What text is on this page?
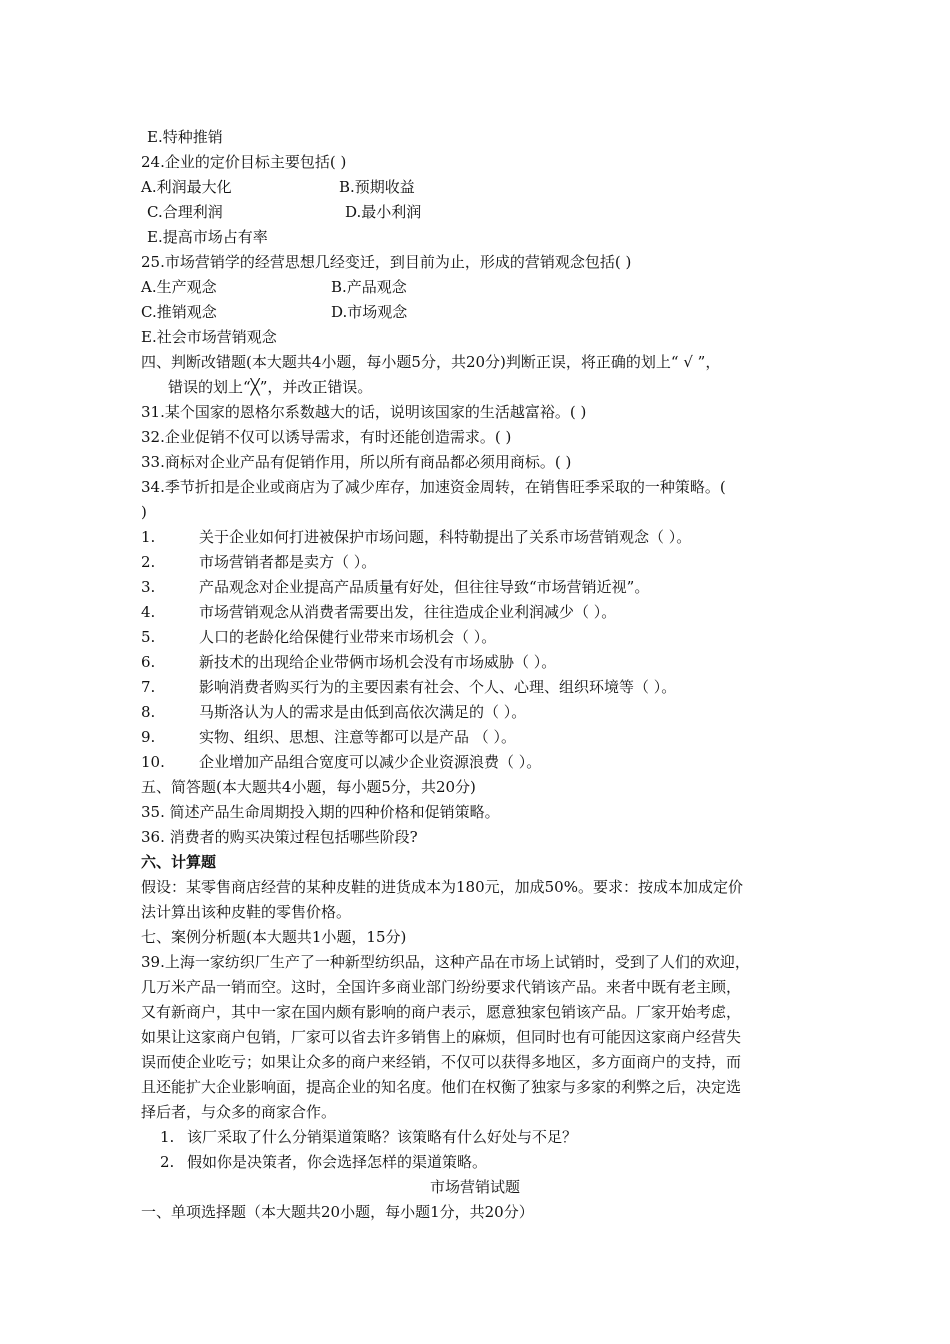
E.特种推销
24.企业的定价目标主要包括( )
A.利润最大化	B.预期收益
C.合理利润	D.最小利润
E.提高市场占有率
25.市场营销学的经营思想几经变迁，到目前为止，形成的营销观念包括( )
A.生产观念	B.产品观念
C.推销观念	D.市场观念
E.社会市场营销观念
四、判断改错题(本大题共4小题，每小题5分，共20分)判断正误，将正确的划上“ √ ”，
错误的划上“╳”，并改正错误。
31.某个国家的恩格尔系数越大的话，说明该国家的生活越富裕。( )
32.企业促销不仅可以诱导需求，有时还能创造需求。( )
33.商标对企业产品有促销作用，所以所有商品都必须用商标。( )
34.季节折扣是企业或商店为了减少库存，加速资金周转，在销售旺季采取的一种策略。(
)
1.	关于企业如何打进被保护市场问题，科特勒提出了关系市场营销观念（ ）。
2.	市场营销者都是卖方（ ）。
3.	产品观念对企业提高产品质量有好处，但往往导致“市场营销近视”。
4.	市场营销观念从消费者需要出发，往往造成企业利润减少（ ）。
5.	人口的老龄化给保健行业带来市场机会（ ）。
6.	新技术的出现给企业带俩市场机会没有市场威胁（ ）。
7.	影响消费者购买行为的主要因素有社会、个人、心理、组织环境等（ ）。
8.	马斯洛认为人的需求是由低到高依次满足的（ ）。
9.	实物、组织、思想、注意等都可以是产品 （ ）。
10. 企业增加产品组合宽度可以减少企业资源浪费（ ）。
五、简答题(本大题共4小题，每小题5分，共20分)
35. 简述产品生命周期投入期的四种价格和促销策略。
36. 消费者的购买决策过程包括哪些阶段?
六、计算题
假设：某零售商店经营的某种皮鞋的进货成本为180元，加成50%。要求：按成本加成定价
法计算出该种皮鞋的零售价格。
七、案例分析题(本大题共1小题，15分)
39.上海一家纺织厂生产了一种新型纺织品，这种产品在市场上试销时，受到了人们的欢迎，
几万米产品一销而空。这时，全国许多商业部门纷纷要求代销该产品。来者中既有老主顾，
又有新商户，其中一家在国内颇有影响的商户表示，愿意独家包销该产品。厂家开始考虑，
如果让这家商户包销，厂家可以省去许多销售上的麻烦，但同时也有可能因这家商户经营失
误而使企业吃亏；如果让众多的商户来经销，不仅可以获得多地区，多方面商户的支持，而
且还能扩大企业影响面，提高企业的知名度。他们在权衡了独家与多家的利弊之后，决定选
择后者，与众多的商家合作。
1. 该厂采取了什么分销渠道策略？该策略有什么好处与不足？
2. 假如你是决策者，你会选择怎样的渠道策略。
市场营销试题
一、单项选择题（本大题共20小题，每小题1分，共20分）
